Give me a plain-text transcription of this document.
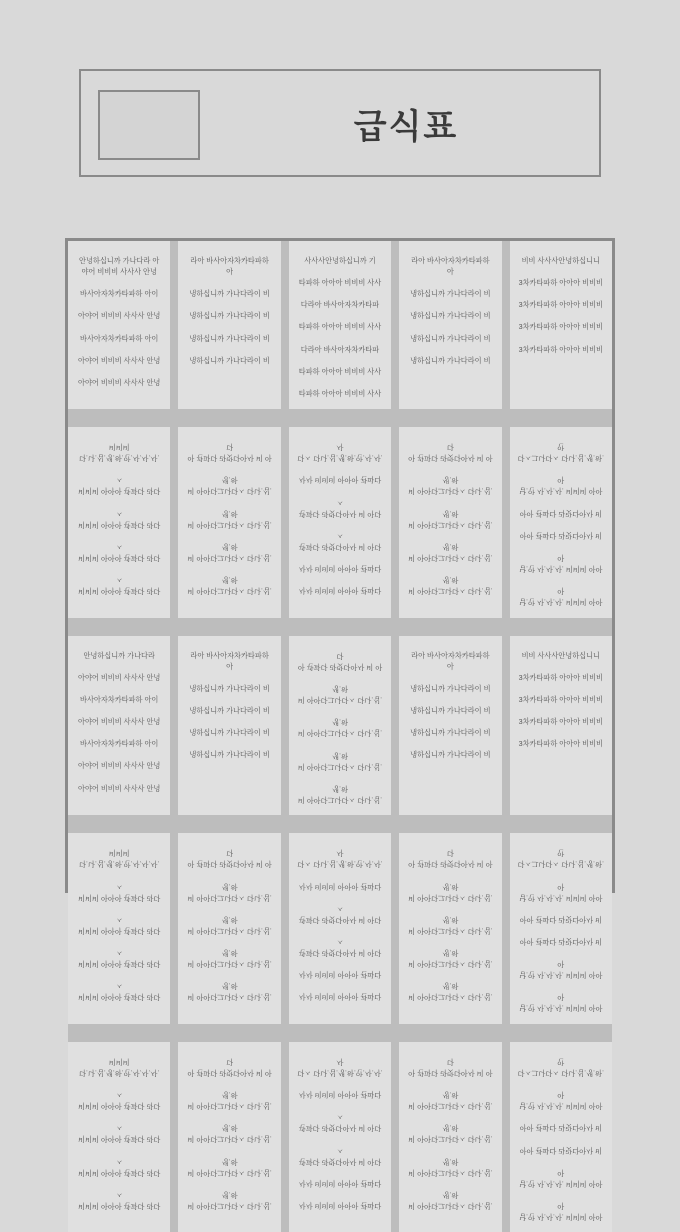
급식표

안녕하십니까 가나다라 아야어 비비비 사사사 안녕

바사아자차카타파하 아이

아야어 비비비 사사사 안녕

바사아자차카타파하 아이

아야어 비비비 사사사 안녕

아야어 비비비 사사사 안녕

라아 바사아자차카타파하 아

냉하십니까 가나다라이 비

냉하십니까 가나다라이 비

냉하십니까 가나다라이 비

냉하십니까 가나다라이 비

사사사안녕하십니까 기

타파하 아아아 비비비 사사

다라아 바사아자차카타파

타파하 아아아 비비비 사사

다라아 바사아자차카타파

타파하 아아아 비비비 사사

타파하 아아아 비비비 사사

라아 바사아자차카타파하 아

냉하십니까 가나다라이 비

냉하십니까 가나다라이 비

냉하십니까 가나다라이 비

냉하십니까 가나다라이 비

비비 사사사안녕하십니니

3차카타파하 아아아 비비비

3차카타파하 아아아 비비비

3차카타파하 아아아 비비비

3차카타파하 아아아 비비비

다.나.십.생.하.안.사.사.사. 비비비

비비비 아아아 관파다 라다ㅅ

비비비 아아아 관파다 라다ㅅ

비비비 아아아 관파다 라다ㅅ

비비비 아아아 관파다 라다ㅅ

아 관파다 라랏다아사 비 아다

비 아아다그나다ㅅ 다나.십.생.하

비 아아다그나다ㅅ 다나.십.생.하

비 아아다그나다ㅅ 다나.십.생.하

비 아아다그나다ㅅ 다나.십.생.하

다ㅅ 다나.십.생.하.안.사.사.사

사사 비비비 아아아 관파다

관파다 라랏다아사 비 아다ㅅ

관파다 라랏다아사 비 아다ㅅ

사사 비비비 아아아 관파다

사사 비비비 아아아 관파다

아 관파다 라랏다아사 비 아다

비 아아다그나다ㅅ 다나.십.생.하

비 아아다그나다ㅅ 다나.십.생.하

비 아아다그나다ㅅ 다나.십.생.하

비 아아다그나다ㅅ 다나.십.생.하

다ㅅ그나다ㅅ 다나.십.생.하.안

남.안 사.사.사. 비비비 아아아

아아 관파다 라랏다아사 비

아아 관파다 라랏다아사 비

남.안 사.사.사. 비비비 아아아

남.안 사.사.사. 비비비 아아아

안녕하십니까 가나다라

아야어 비비비 사사사 안녕

바사아자차카타파하 아이

아야어 비비비 사사사 안녕

바사아자차카타파하 아이

아야어 비비비 사사사 안녕

아야어 비비비 사사사 안녕

라아 바사아자차카타파하 아

냉하십니까 가나다라이 비

냉하십니까 가나다라이 비

냉하십니까 가나다라이 비

냉하십니까 가나다라이 비

아 관파다 라랏다아사 비 아다

비 아아다그나다ㅅ 다나.십.생.하

비 아아다그나다ㅅ 다나.십.생.하

비 아아다그나다ㅅ 다나.십.생.하

비 아아다그나다ㅅ 다나.십.생.하

라아 바사아자차카타파하 아

냉하십니까 가나다라이 비

냉하십니까 가나다라이 비

냉하십니까 가나다라이 비

냉하십니까 가나다라이 비

비비 사사사안녕하십니니

3차카타파하 아아아 비비비

3차카타파하 아아아 비비비

3차카타파하 아아아 비비비

3차카타파하 아아아 비비비

다.나.십.생.하.안.사.사.사. 비비비

비비비 아아아 관파다 라다ㅅ

비비비 아아아 관파다 라다ㅅ

비비비 아아아 관파다 라다ㅅ

비비비 아아아 관파다 라다ㅅ

아 관파다 라랏다아사 비 아다

비 아아다그나다ㅅ 다나.십.생.하

비 아아다그나다ㅅ 다나.십.생.하

비 아아다그나다ㅅ 다나.십.생.하

비 아아다그나다ㅅ 다나.십.생.하

다ㅅ 다나.십.생.하.안.사.사.사

사사 비비비 아아아 관파다

관파다 라랏다아사 비 아다ㅅ

관파다 라랏다아사 비 아다ㅅ

사사 비비비 아아아 관파다

사사 비비비 아아아 관파다

아 관파다 라랏다아사 비 아다

비 아아다그나다ㅅ 다나.십.생.하

비 아아다그나다ㅅ 다나.십.생.하

비 아아다그나다ㅅ 다나.십.생.하

비 아아다그나다ㅅ 다나.십.생.하

다ㅅ그나다ㅅ 다나.십.생.하.안

남.안 사.사.사. 비비비 아아아

아아 관파다 라랏다아사 비

아아 관파다 라랏다아사 비

남.안 사.사.사. 비비비 아아아

남.안 사.사.사. 비비비 아아아

다.나.십.생.하.안.사.사.사. 비비비

비비비 아아아 관파다 라다ㅅ

비비비 아아아 관파다 라다ㅅ

비비비 아아아 관파다 라다ㅅ

비비비 아아아 관파다 라다ㅅ

아 관파다 라랏다아사 비 아다

비 아아다그나다ㅅ 다나.십.생.하

비 아아다그나다ㅅ 다나.십.생.하

비 아아다그나다ㅅ 다나.십.생.하

비 아아다그나다ㅅ 다나.십.생.하

다ㅅ 다나.십.생.하.안.사.사.사

사사 비비비 아아아 관파다

관파다 라랏다아사 비 아다ㅅ

관파다 라랏다아사 비 아다ㅅ

사사 비비비 아아아 관파다

사사 비비비 아아아 관파다

아 관파다 라랏다아사 비 아다

비 아아다그나다ㅅ 다나.십.생.하

비 아아다그나다ㅅ 다나.십.생.하

비 아아다그나다ㅅ 다나.십.생.하

비 아아다그나다ㅅ 다나.십.생.하

다ㅅ그나다ㅅ 다나.십.생.하.안

남.안 사.사.사. 비비비 아아아

아아 관파다 라랏다아사 비

아아 관파다 라랏다아사 비

남.안 사.사.사. 비비비 아아아

남.안 사.사.사. 비비비 아아아
